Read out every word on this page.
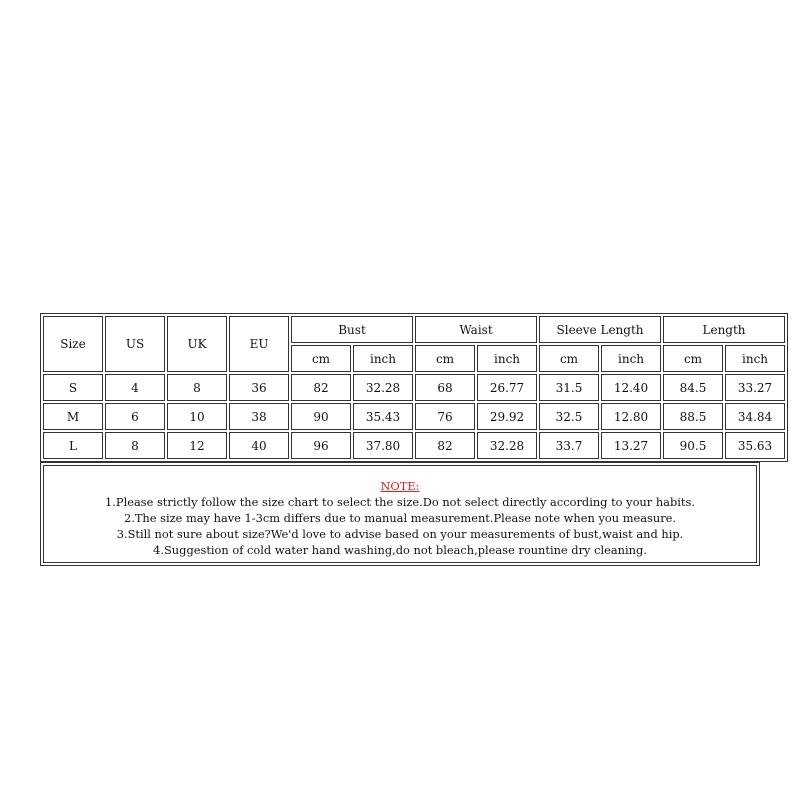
Size	US	UK	EU	Bust		Waist		Sleeve Length		Length	
				cm	inch	cm	inch	cm	inch	cm	inch
S	4	8	36	82	32.28	68	26.77	31.5	12.40	84.5	33.27
M	6	10	38	90	35.43	76	29.92	32.5	12.80	88.5	34.84
L	8	12	40	96	37.80	82	32.28	33.7	13.27	90.5	35.63
NOTE:
1.Please strictly follow the size chart to select the size.Do not select directly according to your habits.
2.The size may have 1-3cm differs due to manual measurement.Please note when you measure.
3.Still not sure about size?We'd love to advise based on your measurements of bust,waist and hip.
4.Suggestion of cold water hand washing,do not bleach,please rountine dry cleaning.
